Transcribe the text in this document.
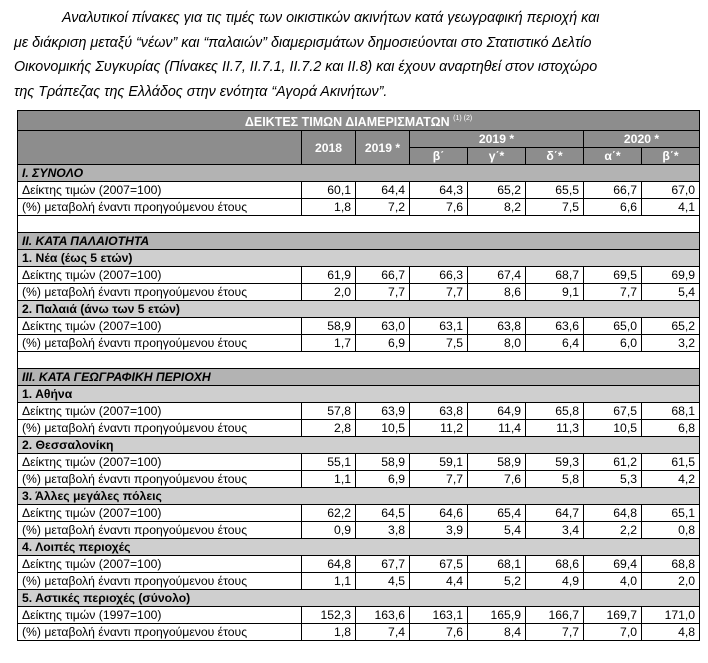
Αναλυτικοί πίνακες για τις τιμές των οικιστικών ακινήτων κατά γεωγραφική περιοχή και
με διάκριση μεταξύ “νέων” και “παλαιών” διαμερισμάτων δημοσιεύονται στο Στατιστικό Δελτίο
Οικονομικής Συγκυρίας (Πίνακες ΙΙ.7, ΙΙ.7.1, ΙΙ.7.2 και ΙΙ.8) και έχουν αναρτηθεί στον ιστοχώρο
της Τράπεζας της Ελλάδος στην ενότητα “Αγορά Ακινήτων”.
ΔΕΙΚΤΕΣ ΤΙΜΩΝ ΔΙΑΜΕΡΙΣΜΑΤΩΝ $^{(1) (2)}$
	2018	2019 *	2019 *			2020 *	
			β΄	γ΄*	δ΄*	α΄*	β΄*
Ι. ΣΥΝΟΛΟ							
Δείκτης τιμών (2007=100)	60,1	64,4	64,3	65,2	65,5	66,7	67,0
(%) μεταβολή έναντι προηγούμενου έτους	1,8	7,2	7,6	8,2	7,5	6,6	4,1

ΙΙ. ΚΑΤΑ ΠΑΛΑΙΟΤΗΤΑ							
1. Νέα (έως 5 ετών)							
Δείκτης τιμών (2007=100)	61,9	66,7	66,3	67,4	68,7	69,5	69,9
(%) μεταβολή έναντι προηγούμενου έτους	2,0	7,7	7,7	8,6	9,1	7,7	5,4
2. Παλαιά (άνω των 5 ετών)							
Δείκτης τιμών (2007=100)	58,9	63,0	63,1	63,8	63,6	65,0	65,2
(%) μεταβολή έναντι προηγούμενου έτους	1,7	6,9	7,5	8,0	6,4	6,0	3,2

ΙΙΙ. ΚΑΤΑ ΓΕΩΓΡΑΦΙΚΗ ΠΕΡΙΟΧΗ							
1. Αθήνα							
Δείκτης τιμών (2007=100)	57,8	63,9	63,8	64,9	65,8	67,5	68,1
(%) μεταβολή έναντι προηγούμενου έτους	2,8	10,5	11,2	11,4	11,3	10,5	6,8
2. Θεσσαλονίκη							
Δείκτης τιμών (2007=100)	55,1	58,9	59,1	58,9	59,3	61,2	61,5
(%) μεταβολή έναντι προηγούμενου έτους	1,1	6,9	7,7	7,6	5,8	5,3	4,2
3. Άλλες μεγάλες πόλεις							
Δείκτης τιμών (2007=100)	62,2	64,5	64,6	65,4	64,7	64,8	65,1
(%) μεταβολή έναντι προηγούμενου έτους	0,9	3,8	3,9	5,4	3,4	2,2	0,8
4. Λοιπές περιοχές							
Δείκτης τιμών (2007=100)	64,8	67,7	67,5	68,1	68,6	69,4	68,8
(%) μεταβολή έναντι προηγούμενου έτους	1,1	4,5	4,4	5,2	4,9	4,0	2,0
5. Αστικές περιοχές (σύνολο)							
Δείκτης τιμών (1997=100)	152,3	163,6	163,1	165,9	166,7	169,7	171,0
(%) μεταβολή έναντι προηγούμενου έτους	1,8	7,4	7,6	8,4	7,7	7,0	4,8
